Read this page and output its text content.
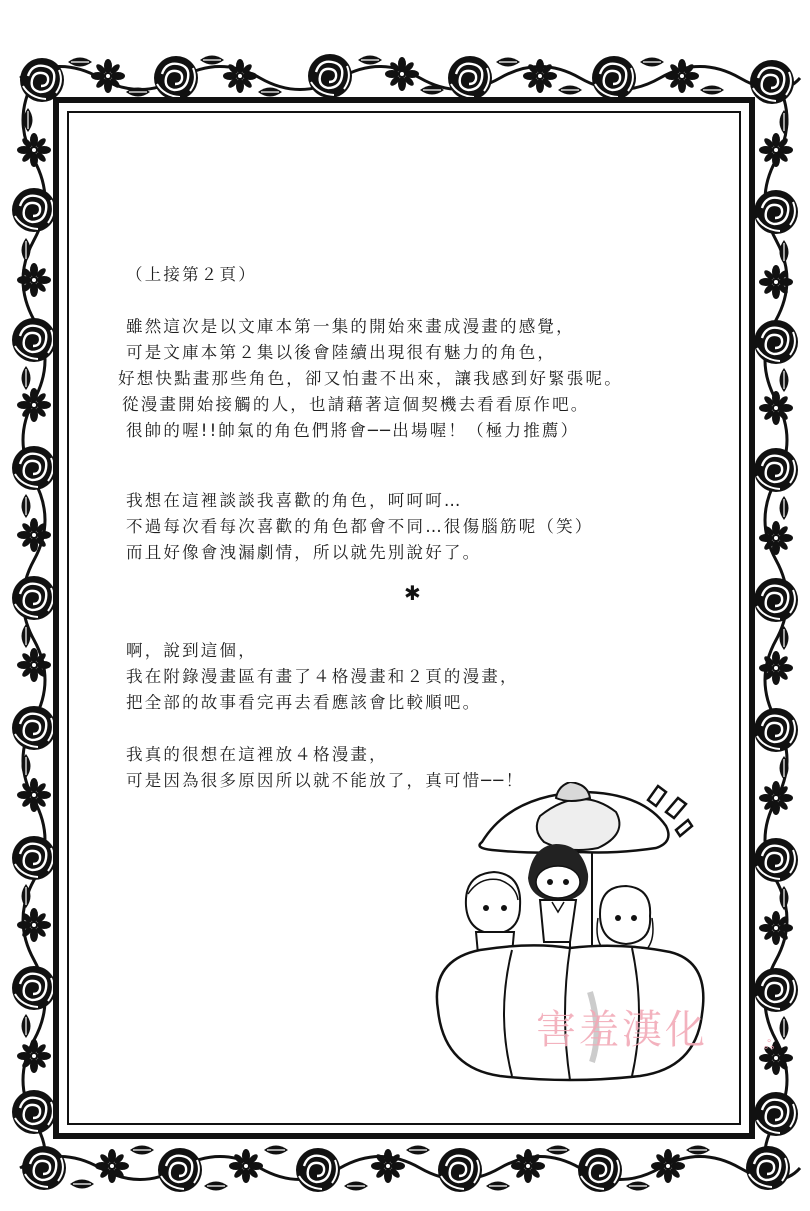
（上接第２頁）
雖然這次是以文庫本第一集的開始來畫成漫畫的感覺，
可是文庫本第２集以後會陸續出現很有魅力的角色，
好想快點畫那些角色，卻又怕畫不出來，讓我感到好緊張呢。
從漫畫開始接觸的人，也請藉著這個契機去看看原作吧。
很帥的喔!!帥氣的角色們將會──出場喔！（極力推薦）
我想在這裡談談我喜歡的角色，呵呵呵…
不過每次看每次喜歡的角色都會不同…很傷腦筋呢（笑）
而且好像會洩漏劇情，所以就先別說好了。
✱
啊，說到這個，
我在附錄漫畫區有畫了４格漫畫和２頁的漫畫，
把全部的故事看完再去看應該會比較順吧。
我真的很想在這裡放４格漫畫，
可是因為很多原因所以就不能放了，真可惜──！
害羞漢化	ஃ
